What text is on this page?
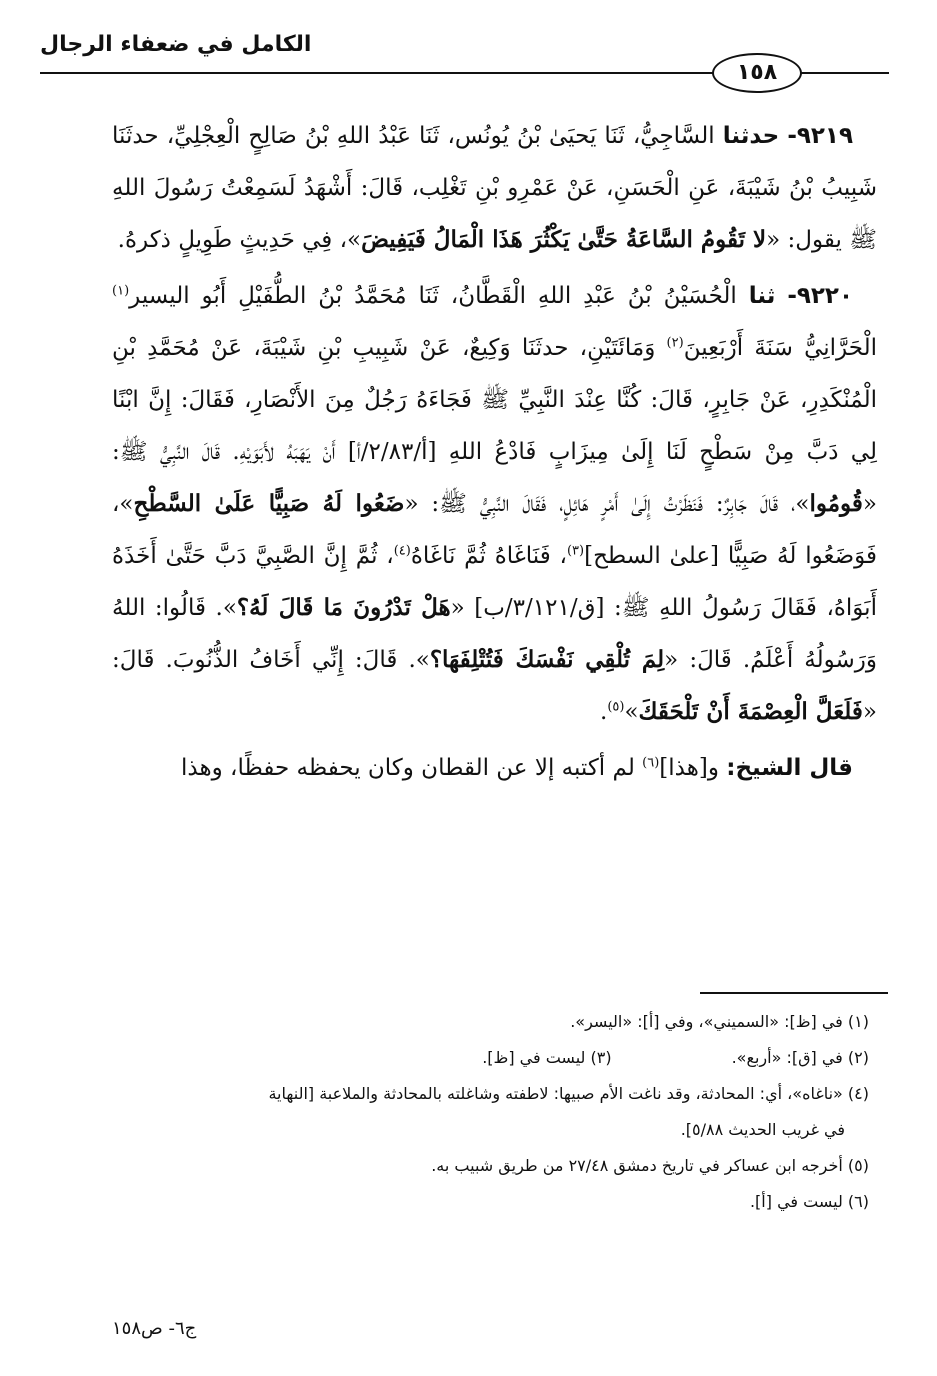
الكامل في ضعفاء الرجال
١٥٨

٩٢١٩- حدثنا السَّاجِيُّ، ثَنَا يَحيَىٰ بْنُ يُونُس، ثَنَا عَبْدُ اللهِ بْنُ صَالِحٍ الْعِجْلِيِّ، حدثَنَا شَبِيبُ بْنُ شَيْبَةَ، عَنِ الْحَسَنِ، عَنْ عَمْرِو بْنِ تَغْلِب، قَالَ: أَشْهَدُ لَسَمِعْتُ رَسُولَ اللهِ ﷺ يقول: «لا تَقُومُ السَّاعَةُ حَتَّىٰ يَكْثُرَ هَذَا الْمَالُ فَيَفِيضَ»، فِي حَدِيثٍ طَوِيلٍ ذكرهُ.

٩٢٢٠- ثنا الْحُسَيْنُ بْنُ عَبْدِ اللهِ الْقَطَّانُ، ثَنَا مُحَمَّدُ بْنُ الطُّفَيْلِ أَبُو اليسير$^{(١)}$ الْحَرَّانِيُّ سَنَةَ أَرْبَعِينَ$^{(٢)}$ وَمَائَتَيْنِ، حدثَنَا وَكِيعٌ، عَنْ شَبِيبِ بْنِ شَيْبَةَ، عَنْ مُحَمَّدِ بْنِ الْمُنْكَدِرِ، عَنْ جَابِرٍ، قَالَ: كُنَّا عِنْدَ النَّبِيِّ ﷺ فَجَاءَهُ رَجُلٌ مِنَ الأَنْصَارِ، فَقَالَ: إِنَّ ابْنًا لِي دَبَّ مِنْ سَطْحٍ لَنَا إِلَىٰ مِيزَابٍ فَادْعُ اللهِ [أ/٢/٨٣/أ] أَنْ يَهَبَهُ لأَبَوَيْهِ. قَالَ النَّبِيُّ ﷺ: «قُومُوا»، قَالَ جَابِرٌ: فَنَظَرْتُ إِلَىٰ أَمْرٍ هَائِلٍ، فَقَالَ النَّبِيُّ ﷺ: «ضَعُوا لَهُ صَبِيًّا عَلَىٰ السَّطْحِ»، فَوَضَعُوا لَهُ صَبِيًّا [علىٰ السطح]$^{(٣)}$، فَنَاغَاهُ ثُمَّ نَاغَاهُ$^{(٤)}$، ثُمَّ إِنَّ الصَّبِيَّ دَبَّ حَتَّىٰ أَخَذَهُ أَبَوَاهُ، فَقَالَ رَسُولُ اللهِ ﷺ: [ق/٣/١٢١/ب] «هَلْ تَدْرُونَ مَا قَالَ لَهُ؟». قَالُوا: اللهُ وَرَسُولُهُ أَعْلَمُ. قَالَ: «لِمَ تُلْقِي نَفْسَكَ فَتُتْلِفَهَا؟». قَالَ: إِنِّي أَخَافُ الذُّنُوبَ. قَالَ: «فَلَعَلَّ الْعِصْمَةَ أَنْ تَلْحَقَكَ»$^{(٥)}$.

قال الشيخ: و[هذا]$^{(٦)}$ لم أكتبه إلا عن القطان وكان يحفظه حفظًا، وهذا

(١) في [ظ]: «السميني»، وفي [أ]: «اليسر».

(٢) في [ق]: «أربع».
(٣) ليست في [ظ].

(٤) «ناغاه»، أي: المحادثة، وقد ناغت الأم صبيها: لاطفته وشاغلته بالمحادثة والملاعبة [النهاية

في غريب الحديث ٥/٨٨].

(٥) أخرجه ابن عساكر في تاريخ دمشق ٢٧/٤٨ من طريق شبيب به.

(٦) ليست في [أ].

ج٦- ص١٥٨
